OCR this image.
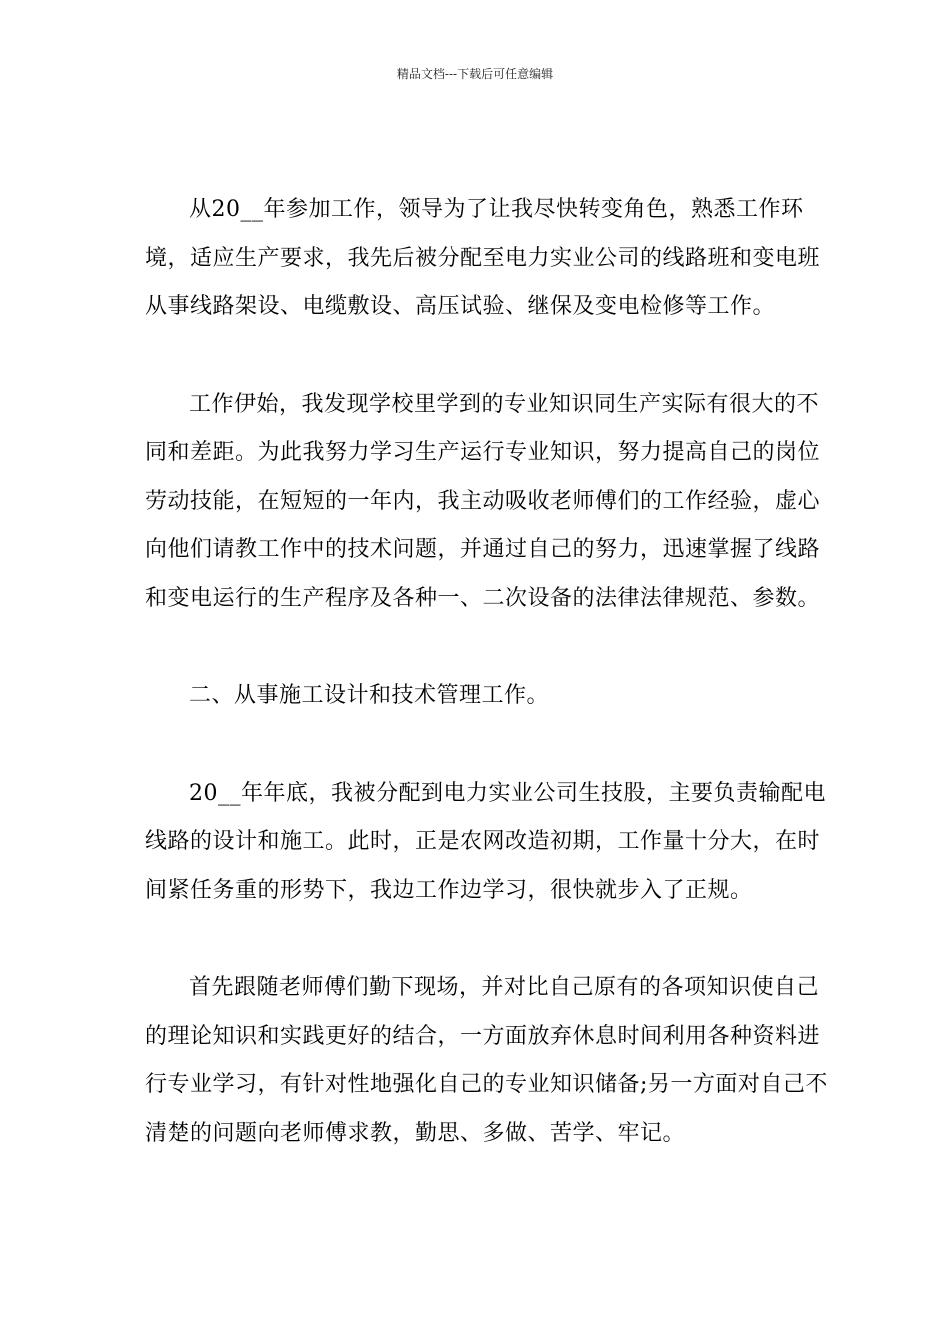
精品文档---下载后可任意编辑

从20__年参加工作，领导为了让我尽快转变角色，熟悉工作环境，适应生产要求，我先后被分配至电力实业公司的线路班和变电班从事线路架设、电缆敷设、高压试验、继保及变电检修等工作。

工作伊始，我发现学校里学到的专业知识同生产实际有很大的不同和差距。为此我努力学习生产运行专业知识，努力提高自己的岗位劳动技能，在短短的一年内，我主动吸收老师傅们的工作经验，虚心向他们请教工作中的技术问题，并通过自己的努力，迅速掌握了线路和变电运行的生产程序及各种一、二次设备的法律法律规范、参数。

二、从事施工设计和技术管理工作。

20__年年底，我被分配到电力实业公司生技股，主要负责输配电线路的设计和施工。此时，正是农网改造初期，工作量十分大，在时间紧任务重的形势下，我边工作边学习，很快就步入了正规。

首先跟随老师傅们勤下现场，并对比自己原有的各项知识使自己的理论知识和实践更好的结合，一方面放弃休息时间利用各种资料进行专业学习，有针对性地强化自己的专业知识储备;另一方面对自己不清楚的问题向老师傅求教，勤思、多做、苦学、牢记。
